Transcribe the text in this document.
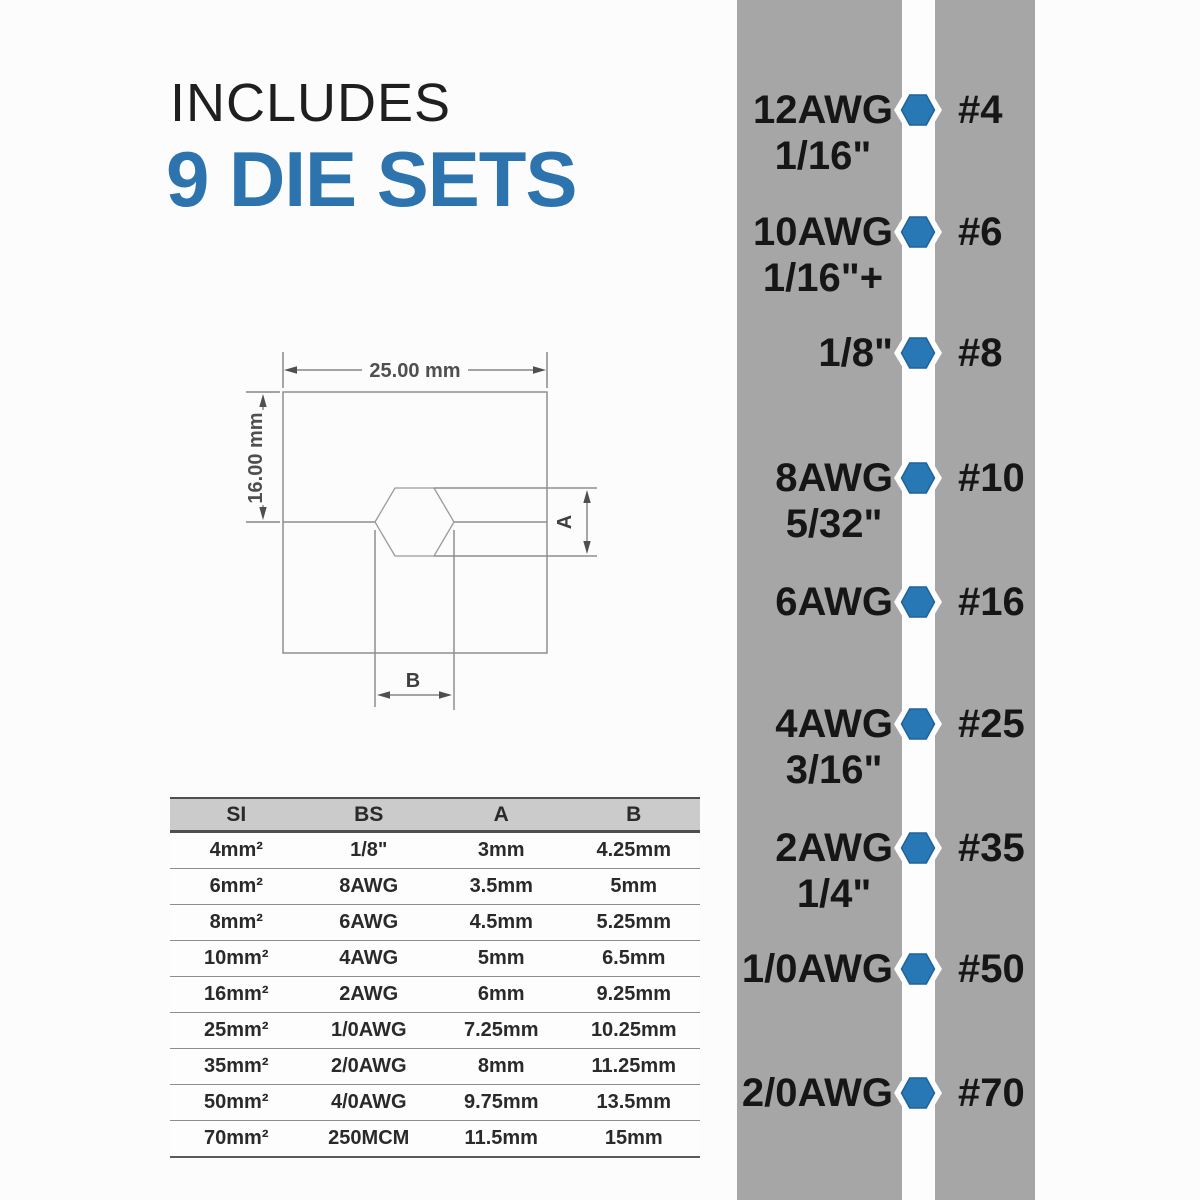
INCLUDES
9 DIE SETS
25.00 mm
16.00 mm
A
B
SI	BS	A	B
4mm²	1/8"	3mm	4.25mm
6mm²	8AWG	3.5mm	5mm
8mm²	6AWG	4.5mm	5.25mm
10mm²	4AWG	5mm	6.5mm
16mm²	2AWG	6mm	9.25mm
25mm²	1/0AWG	7.25mm	10.25mm
35mm²	2/0AWG	8mm	11.25mm
50mm²	4/0AWG	9.75mm	13.5mm
70mm²	250MCM	11.5mm	15mm
12AWG
1/16"
#4
10AWG
1/16"+
#6
1/8" #8
8AWG
5/32"
#10
6AWG #16
4AWG
3/16"
#25
2AWG
1/4"
#35
1/0AWG #50
2/0AWG #70
